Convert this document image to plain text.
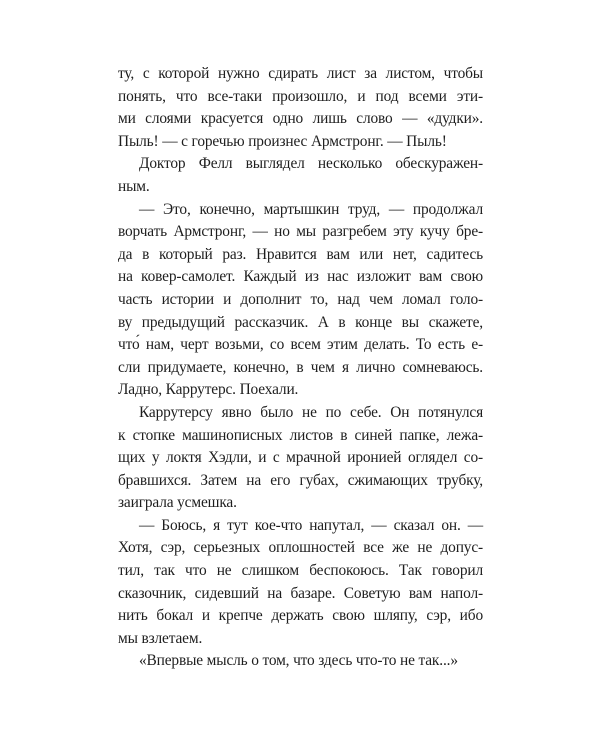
ту, с которой нужно сдирать лист за листом, чтобы
понять, что все-таки произошло, и под всеми эти-
ми слоями красуется одно лишь слово — «дудки».
Пыль! — с горечью произнес Армстронг. — Пыль!
Доктор Фелл выглядел несколько обескуражен-
ным.
— Это, конечно, мартышкин труд, — продолжал
ворчать Армстронг, — но мы разгребем эту кучу бре-
да в который раз. Нравится вам или нет, садитесь
на ковер-самолет. Каждый из нас изложит вам свою
часть истории и дополнит то, над чем ломал голо-
ву предыдущий рассказчик. А в конце вы скажете,
что́ нам, черт возьми, со всем этим делать. То есть е-
сли придумаете, конечно, в чем я лично сомневаюсь.
Ладно, Каррутерс. Поехали.
Каррутерсу явно было не по себе. Он потянулся
к стопке машинописных листов в синей папке, лежа-
щих у локтя Хэдли, и с мрачной иронией оглядел со-
бравшихся. Затем на его губах, сжимающих трубку,
заиграла усмешка.
— Боюсь, я тут кое-что напутал, — сказал он. —
Хотя, сэр, серьезных оплошностей все же не допус-
тил, так что не слишком беспокоюсь. Так говорил
сказочник, сидевший на базаре. Советую вам напол-
нить бокал и крепче держать свою шляпу, сэр, ибо
мы взлетаем.
«Впервые мысль о том, что здесь что-то не так...»
